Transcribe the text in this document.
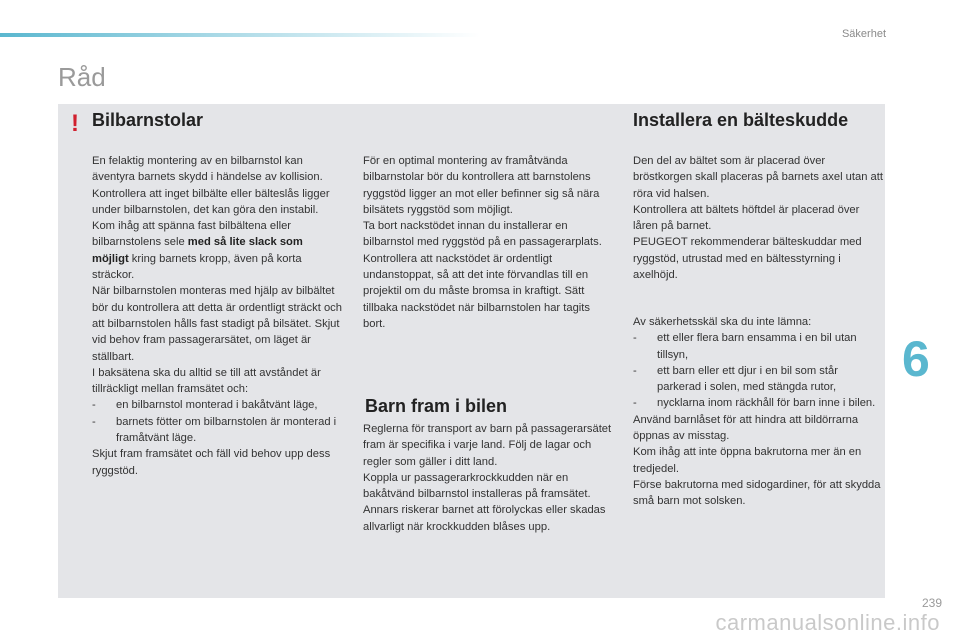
Säkerhet
Råd
! Bilbarnstolar	Installera en bälteskudde

En felaktig montering av en bilbarnstol kan äventyra barnets skydd i händelse av kollision.

Kontrollera att inget bilbälte eller bälteslås ligger under bilbarnstolen, det kan göra den instabil.

Kom ihåg att spänna fast bilbältena eller bilbarnstolens sele med så lite slack som möjligt kring barnets kropp, även på korta sträckor.

När bilbarnstolen monteras med hjälp av bilbältet bör du kontrollera att detta är ordentligt sträckt och att bilbarnstolen hålls fast stadigt på bilsätet. Skjut vid behov fram passagerarsätet, om läget är ställbart.

I baksätena ska du alltid se till att avståndet är tillräckligt mellan framsätet och:

-	en bilbarnstol monterad i bakåtvänt läge,
-	barnets fötter om bilbarnstolen är monterad i framåtvänt läge.

Skjut fram framsätet och fäll vid behov upp dess ryggstöd.

För en optimal montering av framåtvända bilbarnstolar bör du kontrollera att barnstolens ryggstöd ligger an mot eller befinner sig så nära bilsätets ryggstöd som möjligt.

Ta bort nackstödet innan du installerar en bilbarnstol med ryggstöd på en passagerarplats.

Kontrollera att nackstödet är ordentligt undanstoppat, så att det inte förvandlas till en projektil om du måste bromsa in kraftigt. Sätt tillbaka nackstödet när bilbarnstolen har tagits bort.

Barn fram i bilen

Reglerna för transport av barn på passagerarsätet fram är specifika i varje land. Följ de lagar och regler som gäller i ditt land.

Koppla ur passagerarkrockkudden när en bakåtvänd bilbarnstol installeras på framsätet. Annars riskerar barnet att förolyckas eller skadas allvarligt när krockkudden blåses upp.

Den del av bältet som är placerad över bröstkorgen skall placeras på barnets axel utan att röra vid halsen.

Kontrollera att bältets höftdel är placerad över låren på barnet.

PEUGEOT rekommenderar bälteskuddar med ryggstöd, utrustad med en bältesstyrning i axelhöjd.

Av säkerhetsskäl ska du inte lämna:

-	ett eller flera barn ensamma i en bil utan tillsyn,
-	ett barn eller ett djur i en bil som står parkerad i solen, med stängda rutor,
-	nycklarna inom räckhåll för barn inne i bilen.

Använd barnlåset för att hindra att bildörrarna öppnas av misstag.

Kom ihåg att inte öppna bakrutorna mer än en tredjedel.

Förse bakrutorna med sidogardiner, för att skydda små barn mot solsken.

6
239
carmanualsonline.info
